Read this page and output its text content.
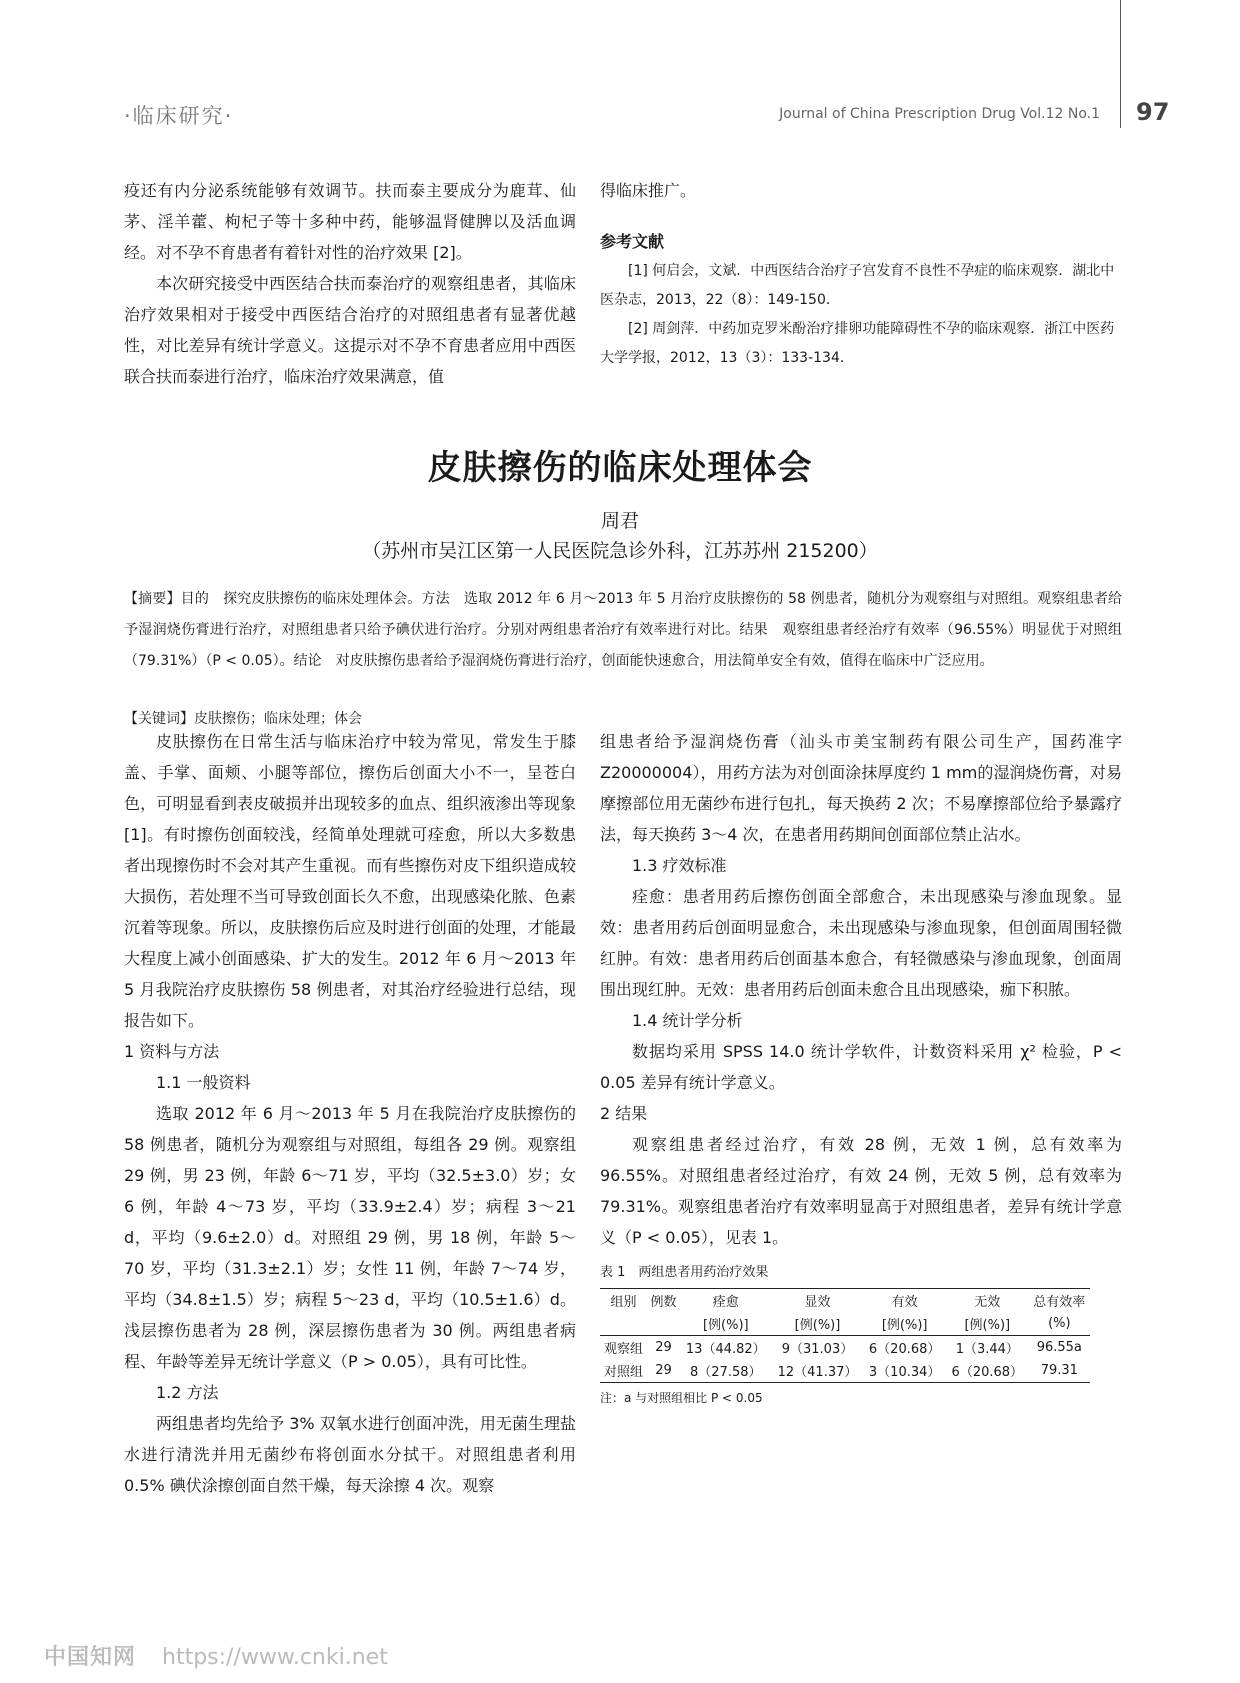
·临床研究·	Journal of China Prescription Drug Vol.12 No.1 97

疫还有内分泌系统能够有效调节。扶而泰主要成分为鹿茸、仙茅、淫羊藿、枸杞子等十多种中药，能够温肾健脾以及活血调经。对不孕不育患者有着针对性的治疗效果 [2]。

本次研究接受中西医结合扶而泰治疗的观察组患者，其临床治疗效果相对于接受中西医结合治疗的对照组患者有显著优越性，对比差异有统计学意义。这提示对不孕不育患者应用中西医联合扶而泰进行治疗，临床治疗效果满意，值

得临床推广。

参考文献

[1] 何启会，文斌．中西医结合治疗子宫发育不良性不孕症的临床观察．湖北中医杂志，2013，22（8）：149-150．

[2] 周剑萍．中药加克罗米酚治疗排卵功能障碍性不孕的临床观察．浙江中医药大学学报，2012，13（3）：133-134．

皮肤擦伤的临床处理体会
周君
（苏州市吴江区第一人民医院急诊外科，江苏苏州 215200）
【摘要】目的　探究皮肤擦伤的临床处理体会。方法　选取 2012 年 6 月～2013 年 5 月治疗皮肤擦伤的 58 例患者，随机分为观察组与对照组。观察组患者给予湿润烧伤膏进行治疗，对照组患者只给予碘伏进行治疗。分别对两组患者治疗有效率进行对比。结果　观察组患者经治疗有效率（96.55%）明显优于对照组（79.31%）（P < 0.05）。结论　对皮肤擦伤患者给予湿润烧伤膏进行治疗，创面能快速愈合，用法简单安全有效，值得在临床中广泛应用。
【关键词】皮肤擦伤；临床处理；体会

皮肤擦伤在日常生活与临床治疗中较为常见，常发生于膝盖、手掌、面颊、小腿等部位，擦伤后创面大小不一，呈苍白色，可明显看到表皮破损并出现较多的血点、组织液渗出等现象 [1]。有时擦伤创面较浅，经简单处理就可痊愈，所以大多数患者出现擦伤时不会对其产生重视。而有些擦伤对皮下组织造成较大损伤，若处理不当可导致创面长久不愈，出现感染化脓、色素沉着等现象。所以，皮肤擦伤后应及时进行创面的处理，才能最大程度上减小创面感染、扩大的发生。2012 年 6 月～2013 年 5 月我院治疗皮肤擦伤 58 例患者，对其治疗经验进行总结，现报告如下。

1 资料与方法

1.1 一般资料

选取 2012 年 6 月～2013 年 5 月在我院治疗皮肤擦伤的 58 例患者，随机分为观察组与对照组，每组各 29 例。观察组 29 例，男 23 例，年龄 6～71 岁，平均（32.5±3.0）岁；女 6 例，年龄 4～73 岁，平均（33.9±2.4）岁；病程 3～21 d，平均（9.6±2.0）d。对照组 29 例，男 18 例，年龄 5～70 岁，平均（31.3±2.1）岁；女性 11 例，年龄 7～74 岁，平均（34.8±1.5）岁；病程 5～23 d，平均（10.5±1.6）d。浅层擦伤患者为 28 例，深层擦伤患者为 30 例。两组患者病程、年龄等差异无统计学意义（P > 0.05），具有可比性。

1.2 方法

两组患者均先给予 3% 双氧水进行创面冲洗，用无菌生理盐水进行清洗并用无菌纱布将创面水分拭干。对照组患者利用 0.5% 碘伏涂擦创面自然干燥，每天涂擦 4 次。观察

组患者给予湿润烧伤膏（汕头市美宝制药有限公司生产，国药准字 Z20000004），用药方法为对创面涂抹厚度约 1 mm的湿润烧伤膏，对易摩擦部位用无菌纱布进行包扎，每天换药 2 次；不易摩擦部位给予暴露疗法，每天换药 3～4 次，在患者用药期间创面部位禁止沾水。

1.3 疗效标准

痊愈：患者用药后擦伤创面全部愈合，未出现感染与渗血现象。显效：患者用药后创面明显愈合，未出现感染与渗血现象，但创面周围轻微红肿。有效：患者用药后创面基本愈合，有轻微感染与渗血现象，创面周围出现红肿。无效：患者用药后创面未愈合且出现感染，痂下积脓。

1.4 统计学分析

数据均采用 SPSS 14.0 统计学软件，计数资料采用 χ² 检验，P < 0.05 差异有统计学意义。

2 结果

观察组患者经过治疗，有效 28 例，无效 1 例，总有效率为 96.55%。对照组患者经过治疗，有效 24 例，无效 5 例，总有效率为 79.31%。观察组患者治疗有效率明显高于对照组患者，差异有统计学意义（P < 0.05），见表 1。

表 1　两组患者用药治疗效果

组别	例数	痊愈	显效	有效	无效	总有效率
		[例(%)]	[例(%)]	[例(%)]	[例(%)]	(%)
观察组	29	13（44.82）	9（31.03）	6（20.68）	1（3.44）	96.55a
对照组	29	8（27.58）	12（41.37）	3（10.34）	6（20.68）	79.31

注：a 与对照组相比 P < 0.05

中国知网 https://www.cnki.net
